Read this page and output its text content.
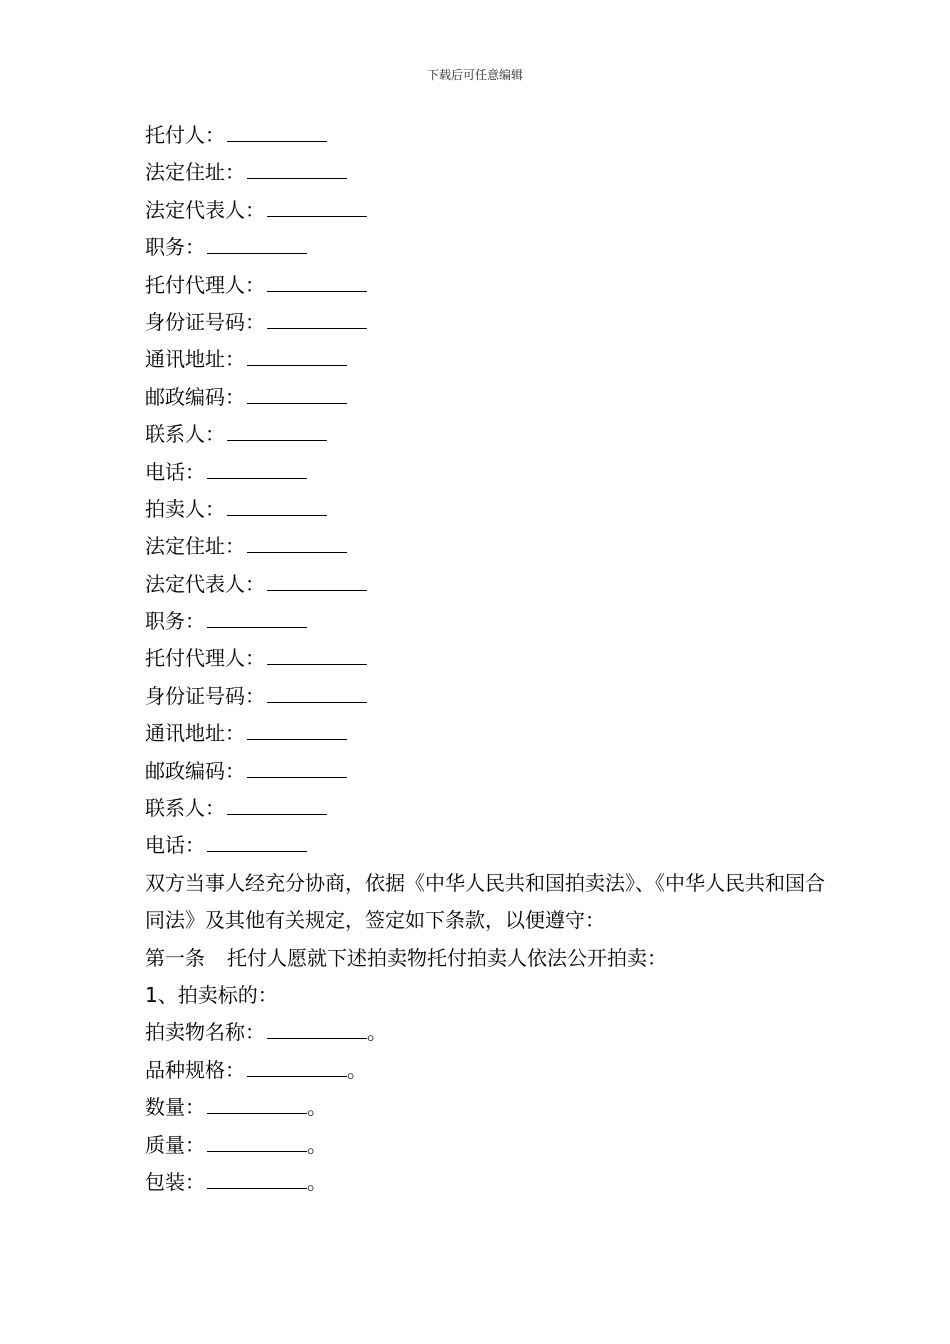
下载后可任意编辑
托付人：
法定住址：
法定代表人：
职务：
托付代理人：
身份证号码：
通讯地址：
邮政编码：
联系人：
电话：
拍卖人：
法定住址：
法定代表人：
职务：
托付代理人：
身份证号码：
通讯地址：
邮政编码：
联系人：
电话：
双方当事人经充分协商，依据《中华人民共和国拍卖法》、《中华人民共和国合同法》及其他有关规定，签定如下条款，以便遵守：
第一条 托付人愿就下述拍卖物托付拍卖人依法公开拍卖：
1、拍卖标的：
拍卖物名称：	。
品种规格：	。
数量：	。
质量：	。
包装：	。
